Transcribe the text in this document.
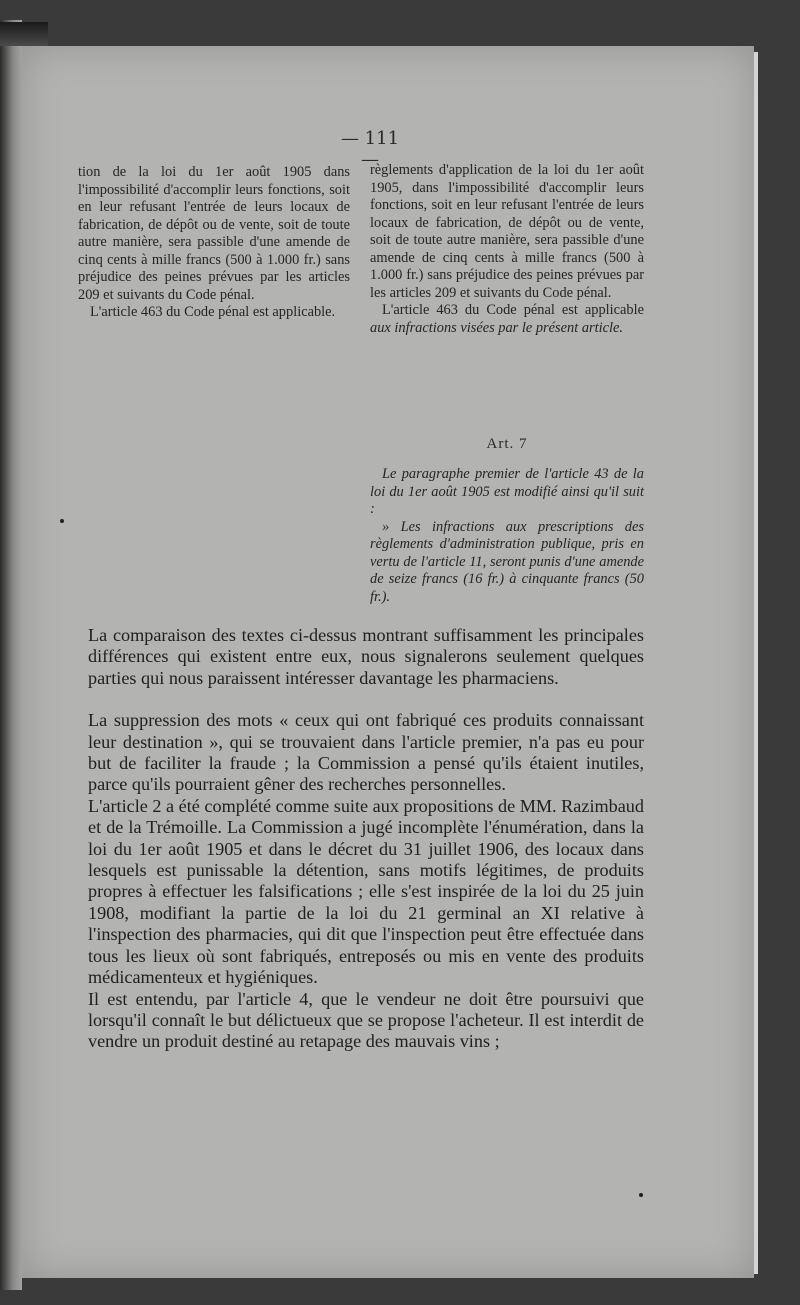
— 111 —

tion de la loi du 1er août 1905 dans l'impossibilité d'accomplir leurs fonctions, soit en leur refusant l'entrée de leurs locaux de fabrication, de dépôt ou de vente, soit de toute autre manière, sera passible d'une amende de cinq cents à mille francs (500 à 1.000 fr.) sans préjudice des peines prévues par les articles 209 et suivants du Code pénal.

L'article 463 du Code pénal est applicable.

règlements d'application de la loi du 1er août 1905, dans l'impossibilité d'accomplir leurs fonctions, soit en leur refusant l'entrée de leurs locaux de fabrication, de dépôt ou de vente, soit de toute autre manière, sera passible d'une amende de cinq cents à mille francs (500 à 1.000 fr.) sans préjudice des peines prévues par les articles 209 et suivants du Code pénal.

L'article 463 du Code pénal est applicable aux infractions visées par le présent article.

Art. 7

Le paragraphe premier de l'article 43 de la loi du 1er août 1905 est modifié ainsi qu'il suit :

» Les infractions aux prescriptions des règlements d'administration publique, pris en vertu de l'article 11, seront punis d'une amende de seize francs (16 fr.) à cinquante francs (50 fr.).

La comparaison des textes ci-dessus montrant suffisamment les principales différences qui existent entre eux, nous signalerons seulement quelques parties qui nous paraissent intéresser davantage les pharmaciens.

La suppression des mots « ceux qui ont fabriqué ces produits connaissant leur destination », qui se trouvaient dans l'article premier, n'a pas eu pour but de faciliter la fraude ; la Commission a pensé qu'ils étaient inutiles, parce qu'ils pourraient gêner des recherches personnelles.

L'article 2 a été complété comme suite aux propositions de MM. Razimbaud et de la Trémoille. La Commission a jugé incomplète l'énumération, dans la loi du 1er août 1905 et dans le décret du 31 juillet 1906, des locaux dans lesquels est punissable la détention, sans motifs légitimes, de produits propres à effectuer les falsifications ; elle s'est inspirée de la loi du 25 juin 1908, modifiant la partie de la loi du 21 germinal an XI relative à l'inspection des pharmacies, qui dit que l'inspection peut être effectuée dans tous les lieux où sont fabriqués, entreposés ou mis en vente des produits médicamenteux et hygiéniques.

Il est entendu, par l'article 4, que le vendeur ne doit être poursuivi que lorsqu'il connaît le but délictueux que se propose l'acheteur. Il est interdit de vendre un produit destiné au retapage des mauvais vins ;
